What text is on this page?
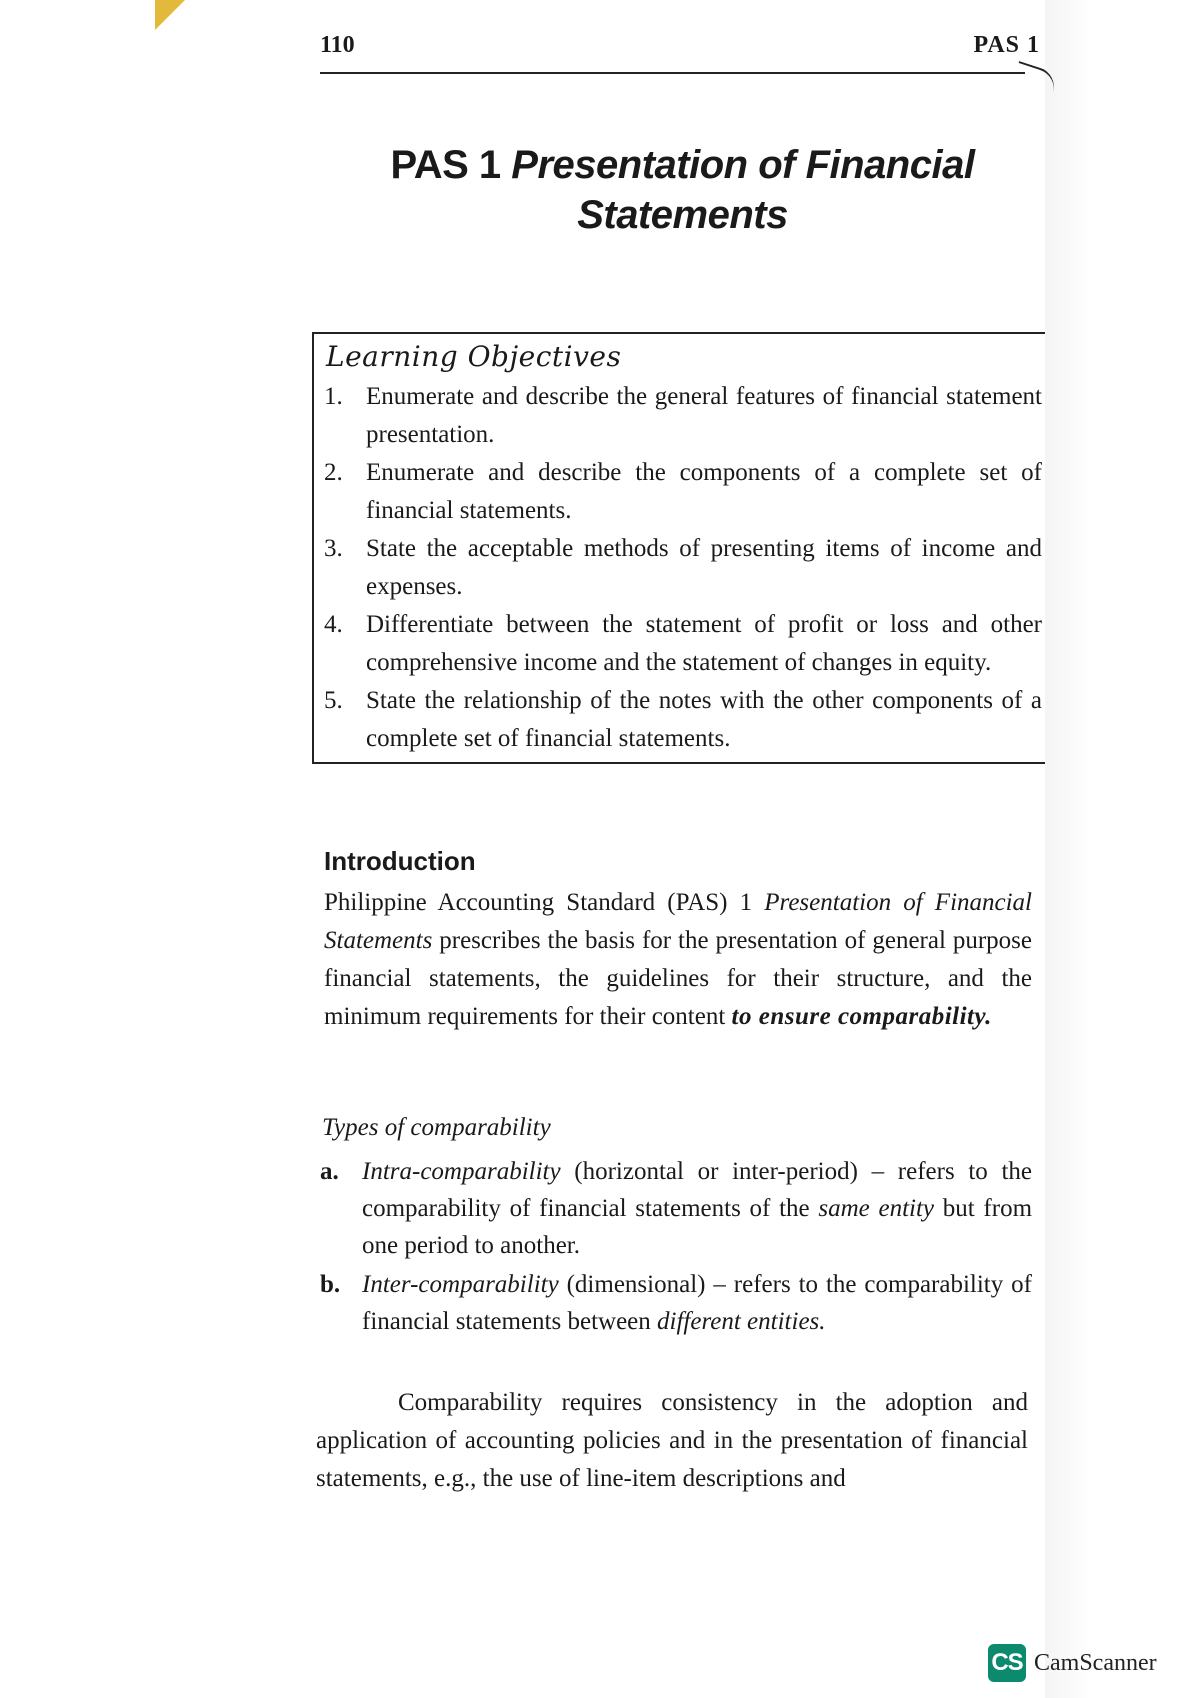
110	PAS 1
PAS 1 Presentation of Financial Statements
Learning Objectives
1. Enumerate and describe the general features of financial statement presentation.
2. Enumerate and describe the components of a complete set of financial statements.
3. State the acceptable methods of presenting items of income and expenses.
4. Differentiate between the statement of profit or loss and other comprehensive income and the statement of changes in equity.
5. State the relationship of the notes with the other components of a complete set of financial statements.
Introduction

Philippine Accounting Standard (PAS) 1 Presentation of Financial Statements prescribes the basis for the presentation of general purpose financial statements, the guidelines for their structure, and the minimum requirements for their content to ensure comparability.

Types of comparability
a. Intra-comparability (horizontal or inter-period) – refers to the comparability of financial statements of the same entity but from one period to another.
b. Inter-comparability (dimensional) – refers to the comparability of financial statements between different entities.

Comparability requires consistency in the adoption and application of accounting policies and in the presentation of financial statements, e.g., the use of line-item descriptions and

CS CamScanner
